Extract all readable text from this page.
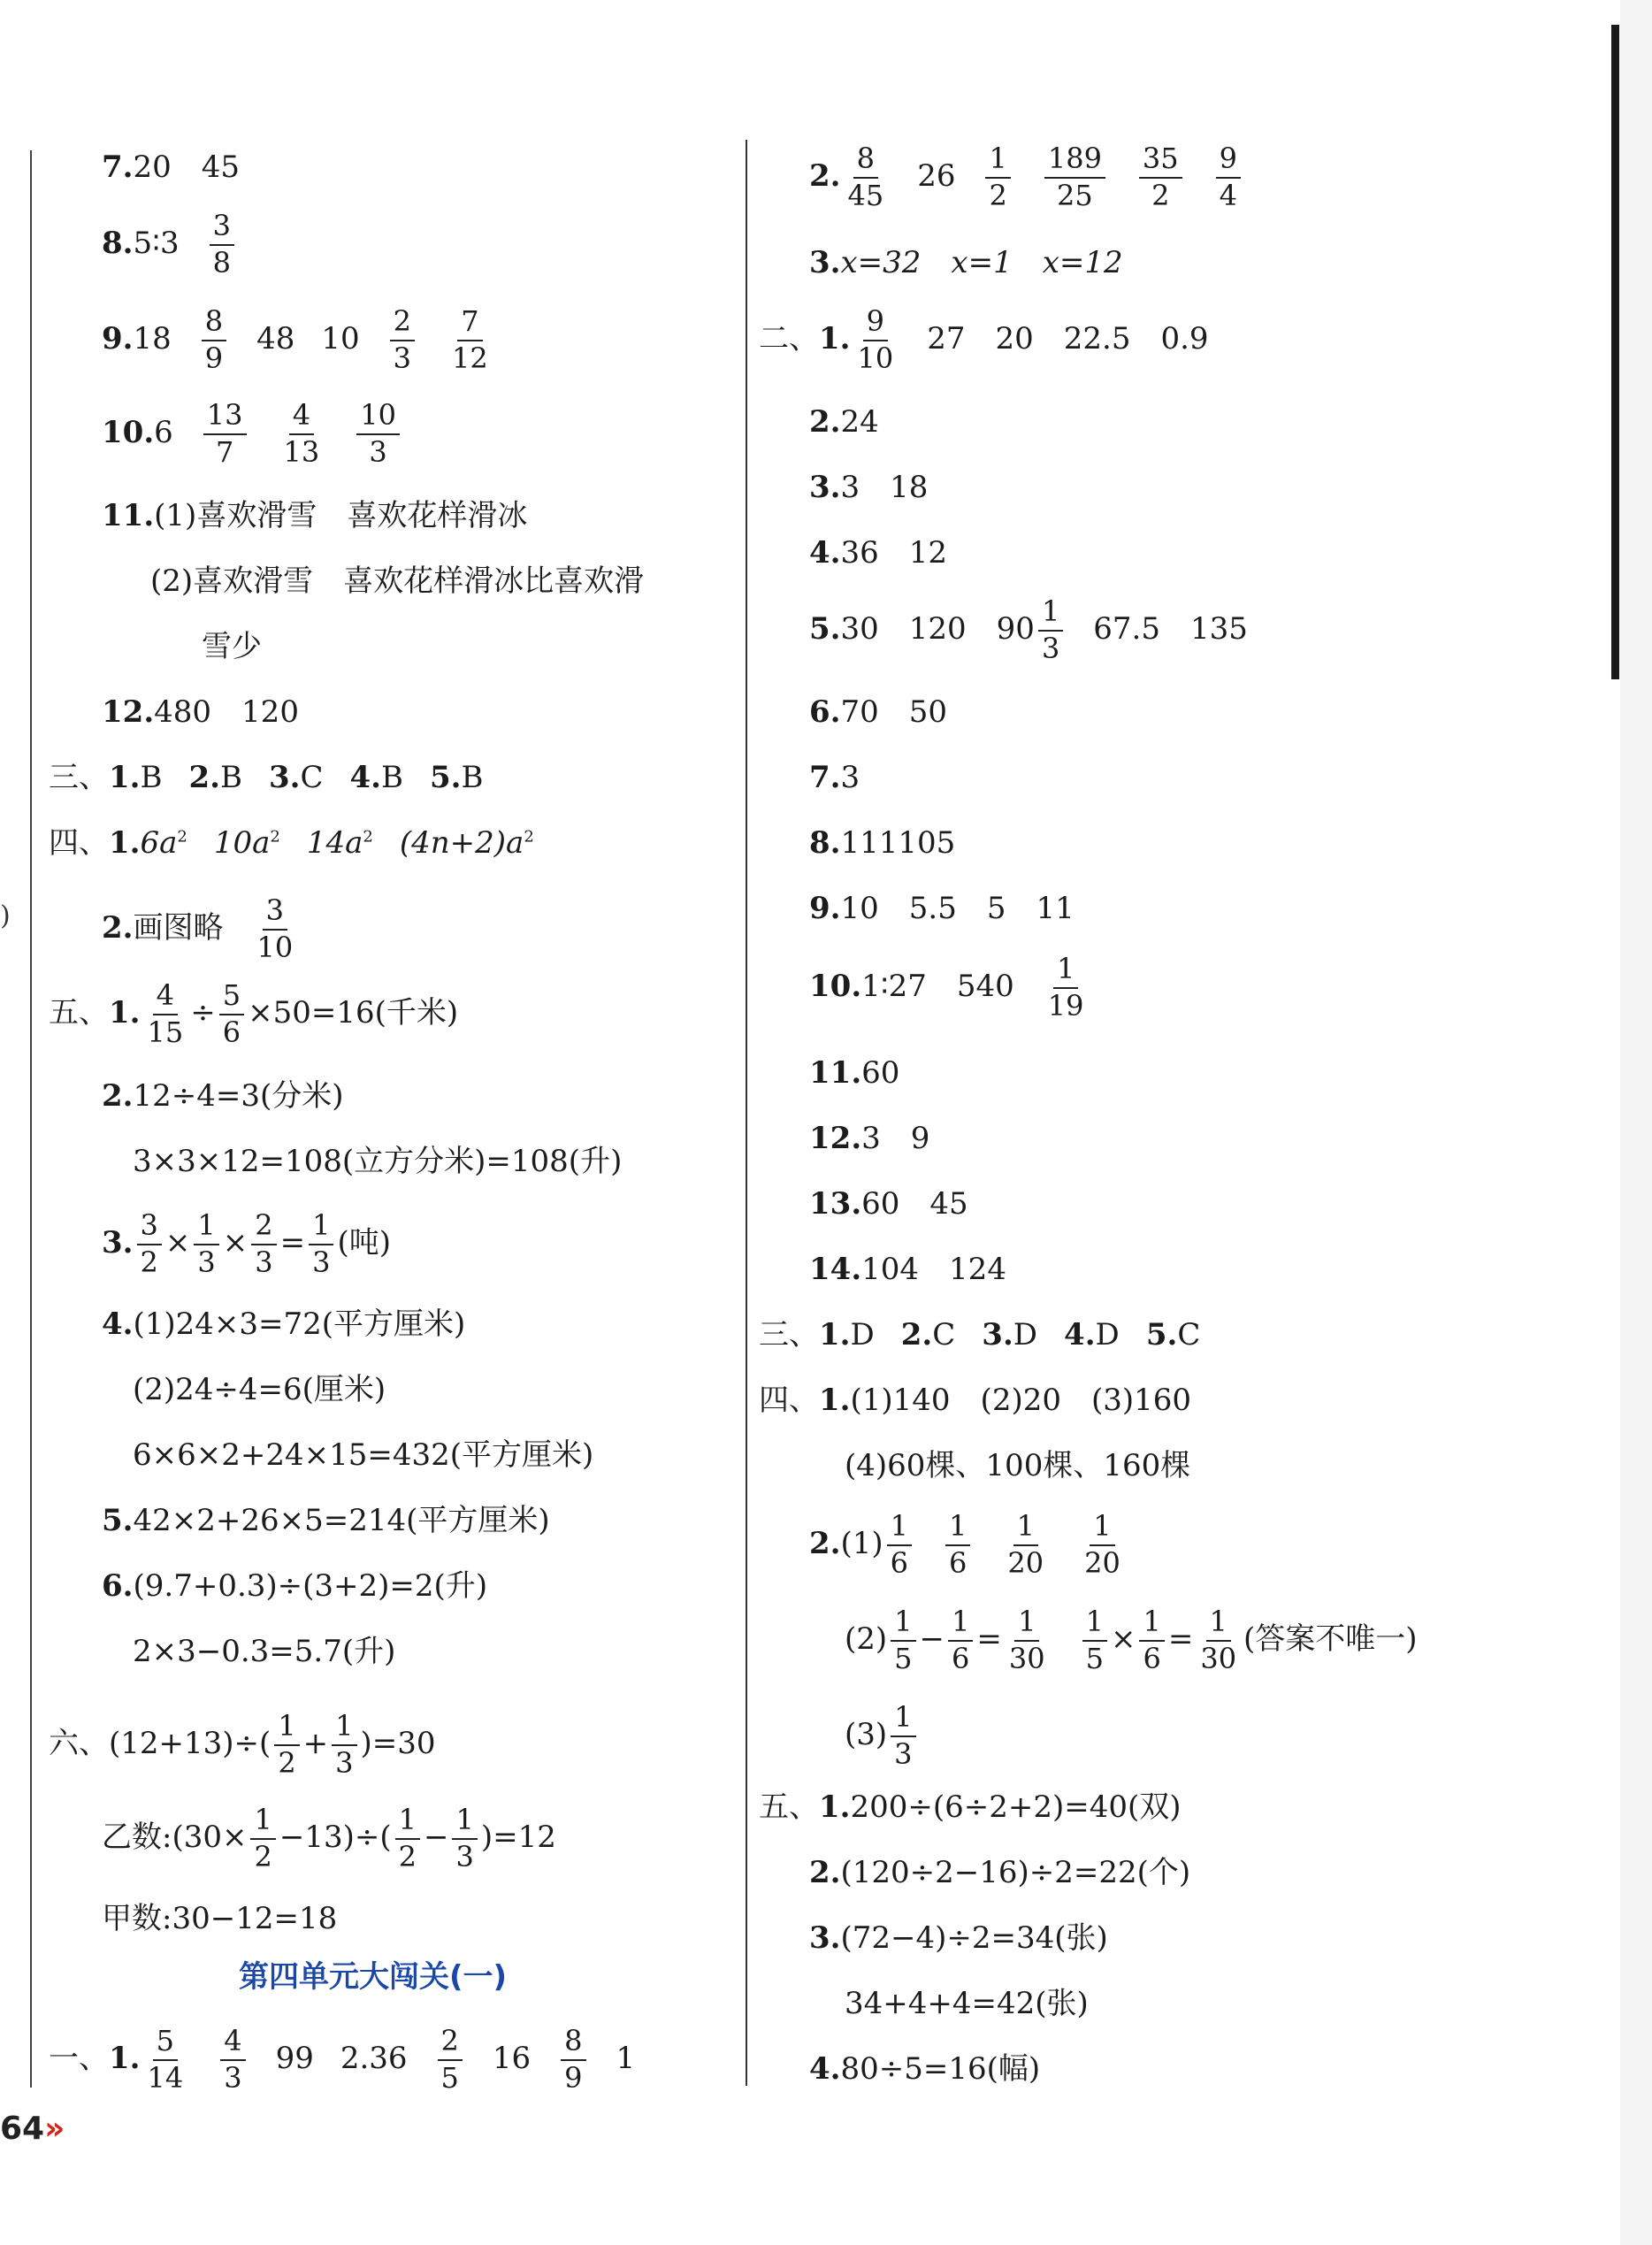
)
7.20　45
8.5∶3 $\frac{3}{8}$
$9.18 \frac{8}{9} 48$ $10 \frac{2}{3} \frac{7}{12}$
$10.6 \frac{13}{7} \frac{4}{13} \frac{10}{3}$
11.(1)喜欢滑雪　喜欢花样滑冰
(2)喜欢滑雪　喜欢花样滑冰比喜欢滑
雪少
12.480　120
三、1.B 2.B 3.C 4.B 5.B
四、$1.6a^2$ $10a^2$ $14a^2$ $(4n+2)a^2$
2.画图略 $\frac{3}{10}$
五、1. $\frac{4}{15} \div \frac{5}{6} \times 50=16$(千米)
2.12÷4=3(分米)
3×3×12=108(立方分米)=108(升)
3. $\frac{3}{2} \times \frac{1}{3} \times \frac{2}{3} = \frac{1}{3}$ (吨)
4.(1)24×3=72(平方厘米)
(2)24÷4=6(厘米)
6×6×2+24×15=432(平方厘米)
5.42×2+26×5=214(平方厘米)
6.(9.7+0.3)÷(3+2)=2(升)
2×3−0.3=5.7(升)
六、$(12+13)\div( \frac{1}{2} + \frac{1}{3} )=30$
乙数:(30× $\frac{1}{2} -13)\div( \frac{1}{2} - \frac{1}{3} )=12$
甲数:30−12=18
第四单元大闯关(一)
一、1. $\frac{5}{14} \frac{4}{3} 99$ $2.36 \frac{2}{5} 16 \frac{8}{9} 1$
64»
2. $\frac{8}{45} 26 \frac{1}{2} \frac{189}{25} \frac{35}{2} \frac{9}{4}$
3.x=32　x=1　x=12
二、1. $\frac{9}{10} 27$　20　22.5　0.9
2.24
3.3　18
4.36　12
5.30　120　$90 \frac{1}{3} 67.5$　135
6.70　50
7.3
8.111105
9.10　5.5　5　11
10.1∶27　$540 \frac{1}{19}$
11.60
12.3　9
13.60　45
14.104　124
三、1.D 2.C 3.D 4.D 5.C
四、1.(1)140　(2)20　(3)160
(4)60棵、100棵、160棵
$2.(1) \frac{1}{6} \frac{1}{6} \frac{1}{20} \frac{1}{20}$
$(2) \frac{1}{5} - \frac{1}{6} = \frac{1}{30} \frac{1}{5} \times \frac{1}{6} = \frac{1}{30}$ (答案不唯一)
$(3) \frac{1}{3}$
五、1.200÷(6÷2+2)=40(双)
2.(120÷2−16)÷2=22(个)
3.(72−4)÷2=34(张)
34+4+4=42(张)
4.80÷5=16(幅)
